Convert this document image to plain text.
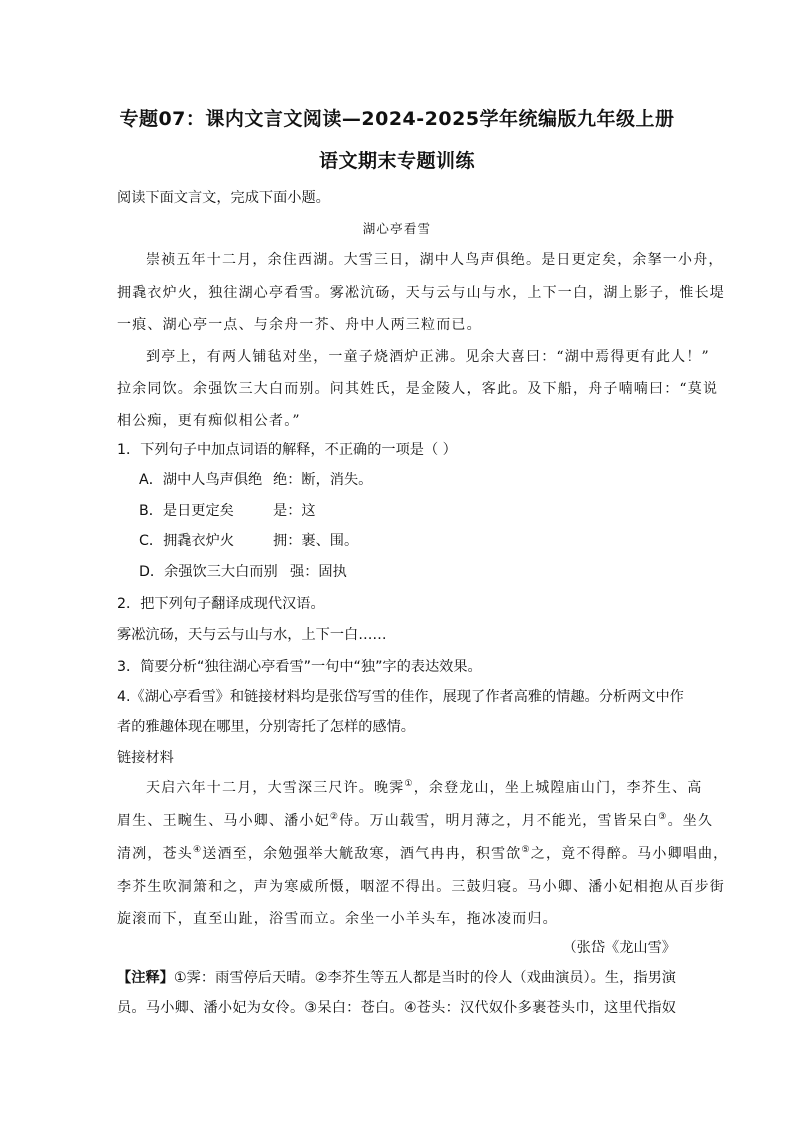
专题07：课内文言文阅读—2024-2025学年统编版九年级上册
语文期末专题训练
阅读下面文言文，完成下面小题。
湖心亭看雪
崇祯五年十二月，余住西湖。大雪三日，湖中人鸟声俱绝。是日更定矣，余拏一小舟，
拥毳衣炉火，独往湖心亭看雪。雾凇沆砀，天与云与山与水，上下一白，湖上影子，惟长堤
一痕、湖心亭一点、与余舟一芥、舟中人两三粒而已。
到亭上，有两人铺毡对坐，一童子烧酒炉正沸。见余大喜曰：“湖中焉得更有此人！”
拉余同饮。余强饮三大白而别。问其姓氏，是金陵人，客此。及下船，舟子喃喃曰：“莫说
相公痴，更有痴似相公者。”
1．下列句子中加点词语的解释，不正确的一项是（ ）
A．湖中人鸟声俱绝 绝：断，消失。
B．是日更定矣	是：这
C．拥毳衣炉火	拥：裹、围。
D．余强饮三大白而别 强：固执
2．把下列句子翻译成现代汉语。
雾凇沆砀，天与云与山与水，上下一白……
3．简要分析“独往湖心亭看雪”一句中“独”字的表达效果。
4.《湖心亭看雪》和链接材料均是张岱写雪的佳作，展现了作者高雅的情趣。分析两文中作
者的雅趣体现在哪里，分别寄托了怎样的感情。
链接材料
天启六年十二月，大雪深三尺许。晚霁①，余登龙山，坐上城隍庙山门，李芥生、高
眉生、王畹生、马小卿、潘小妃②侍。万山载雪，明月薄之，月不能光，雪皆呆白③。坐久
清冽，苍头④送酒至，余勉强举大觥敌寒，酒气冉冉，积雪欱⑤之，竟不得醉。马小卿唱曲，
李芥生吹洞箫和之，声为寒威所慑，咽涩不得出。三鼓归寝。马小卿、潘小妃相抱从百步街
旋滚而下，直至山趾，浴雪而立。余坐一小羊头车，拖冰凌而归。
（张岱《龙山雪》
【注释】①霁：雨雪停后天晴。②李芥生等五人都是当时的伶人（戏曲演员）。生，指男演
员。马小卿、潘小妃为女伶。③呆白：苍白。④苍头：汉代奴仆多裹苍头巾，这里代指奴
